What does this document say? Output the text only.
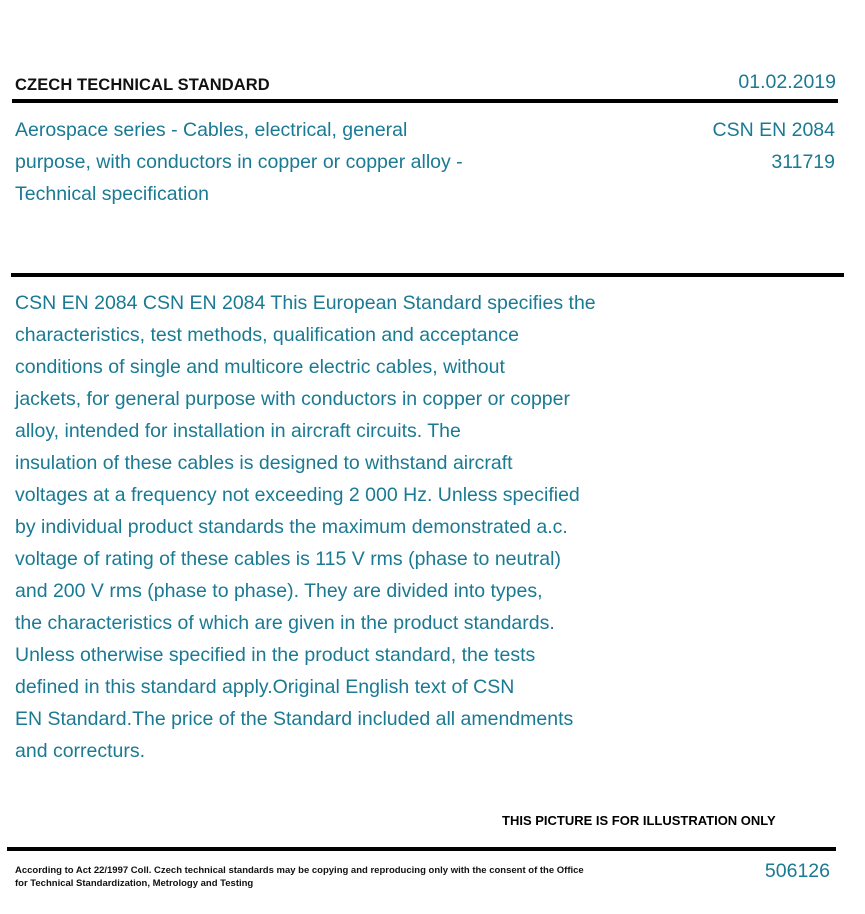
CZECH TECHNICAL STANDARD	01.02.2019
Aerospace series - Cables, electrical, general purpose, with conductors in copper or copper alloy - Technical specification
CSN EN 2084
311719
CSN EN 2084 CSN EN 2084 This European Standard specifies the
characteristics, test methods, qualification and acceptance
conditions of single and multicore electric cables, without
jackets, for general purpose with conductors in copper or copper
alloy, intended for installation in aircraft circuits. The
insulation of these cables is designed to withstand aircraft
voltages at a frequency not exceeding 2 000 Hz. Unless specified
by individual product standards the maximum demonstrated a.c.
voltage of rating of these cables is 115 V rms (phase to neutral)
and 200 V rms (phase to phase). They are divided into types,
the characteristics of which are given in the product standards.
Unless otherwise specified in the product standard, the tests
defined in this standard apply.Original English text of CSN
EN Standard.The price of the Standard included all amendments
and correcturs.
THIS PICTURE IS FOR ILLUSTRATION ONLY
According to Act 22/1997 Coll. Czech technical standards may be copying and reproducing only with the consent of the Office
for Technical Standardization, Metrology and Testing
506126
